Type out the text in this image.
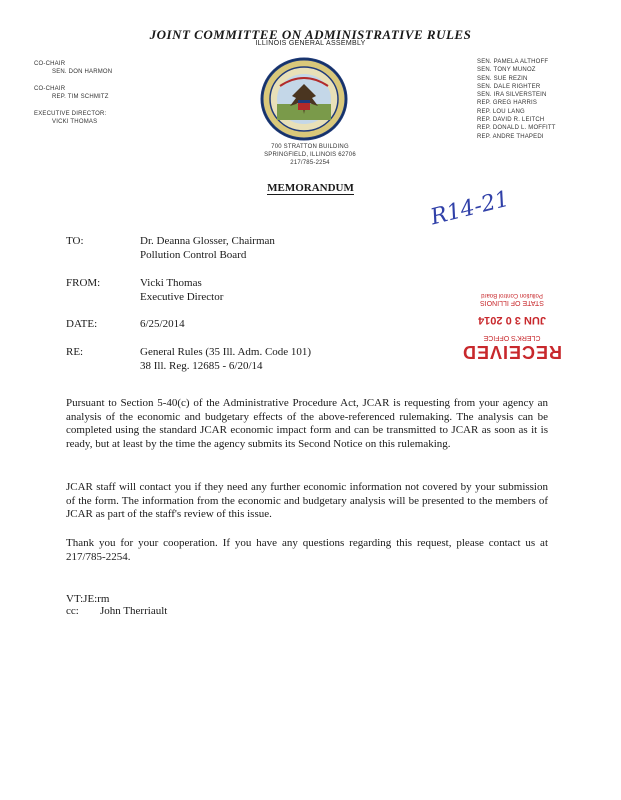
JOINT COMMITTEE ON ADMINISTRATIVE RULES
ILLINOIS GENERAL ASSEMBLY
CO-CHAIR
SEN. DON HARMON
CO-CHAIR
REP. TIM SCHMITZ
EXECUTIVE DIRECTOR:
VICKI THOMAS
SEN. PAMELA ALTHOFF
SEN. TONY MUNOZ
SEN. SUE REZIN
SEN. DALE RIGHTER
SEN. IRA SILVERSTEIN
REP. GREG HARRIS
REP. LOU LANG
REP. DAVID R. LEITCH
REP. DONALD L. MOFFITT
REP. ANDRE THAPEDI
700 STRATTON BUILDING
SPRINGFIELD, ILLINOIS 62706
217/785-2254
MEMORANDUM	R14-21
TO:	Dr. Deanna Glosser, Chairman
Pollution Control Board
FROM:	Vicki Thomas
Executive Director
DATE:	6/25/2014
RE:	General Rules (35 Ill. Adm. Code 101)
38 Ill. Reg. 12685 - 6/20/14
RECEIVED
CLERK'S OFFICE
JUN 3 0 2014
STATE OF ILLINOIS
Pollution Control Board
Pursuant to Section 5-40(c) of the Administrative Procedure Act, JCAR is requesting from your agency an analysis of the economic and budgetary effects of the above-referenced rulemaking. The analysis can be completed using the standard JCAR economic impact form and can be transmitted to JCAR as soon as it is ready, but at least by the time the agency submits its Second Notice on this rulemaking.
JCAR staff will contact you if they need any further economic information not covered by your submission of the form. The information from the economic and budgetary analysis will be presented to the members of JCAR as part of the staff's review of this issue.
Thank you for your cooperation. If you have any questions regarding this request, please contact us at 217/785-2254.
VT:JE:rm
cc: John Therriault
